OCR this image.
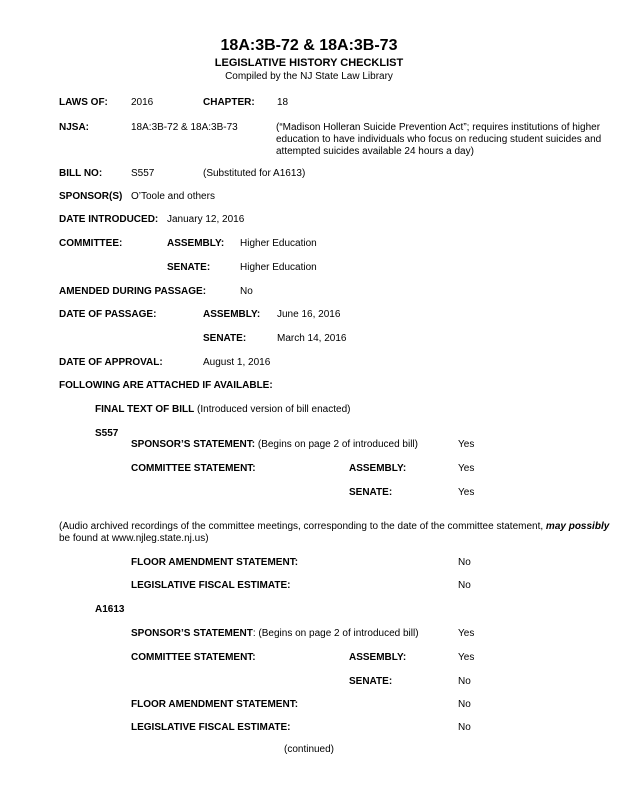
18A:3B-72 & 18A:3B-73
LEGISLATIVE HISTORY CHECKLIST
Compiled by the NJ State Law Library
LAWS OF: 2016	CHAPTER: 18
NJSA:	18A:3B-72 & 18A:3B-73	(“Madison Holleran Suicide Prevention Act”; requires institutions of higher
education to have individuals who focus on reducing student suicides and
attempted suicides available 24 hours a day)
BILL NO:	S557	(Substituted for A1613)
SPONSOR(S) O’Toole and others
DATE INTRODUCED: January 12, 2016
COMMITTEE:	ASSEMBLY: Higher Education
SENATE:	Higher Education
AMENDED DURING PASSAGE:	No
DATE OF PASSAGE:	ASSEMBLY: June 16, 2016
SENATE:	March 14, 2016
DATE OF APPROVAL:	August 1, 2016
FOLLOWING ARE ATTACHED IF AVAILABLE:
FINAL TEXT OF BILL (Introduced version of bill enacted)
S557
SPONSOR’S STATEMENT: (Begins on page 2 of introduced bill)	Yes
COMMITTEE STATEMENT:	ASSEMBLY:	Yes
SENATE:	Yes
(Audio archived recordings of the committee meetings, corresponding to the date of the committee statement, may possibly
be found at www.njleg.state.nj.us)
FLOOR AMENDMENT STATEMENT:	No
LEGISLATIVE FISCAL ESTIMATE:	No
A1613
SPONSOR’S STATEMENT: (Begins on page 2 of introduced bill)	Yes
COMMITTEE STATEMENT:	ASSEMBLY:	Yes
SENATE:	No
FLOOR AMENDMENT STATEMENT:	No
LEGISLATIVE FISCAL ESTIMATE:	No
(continued)
